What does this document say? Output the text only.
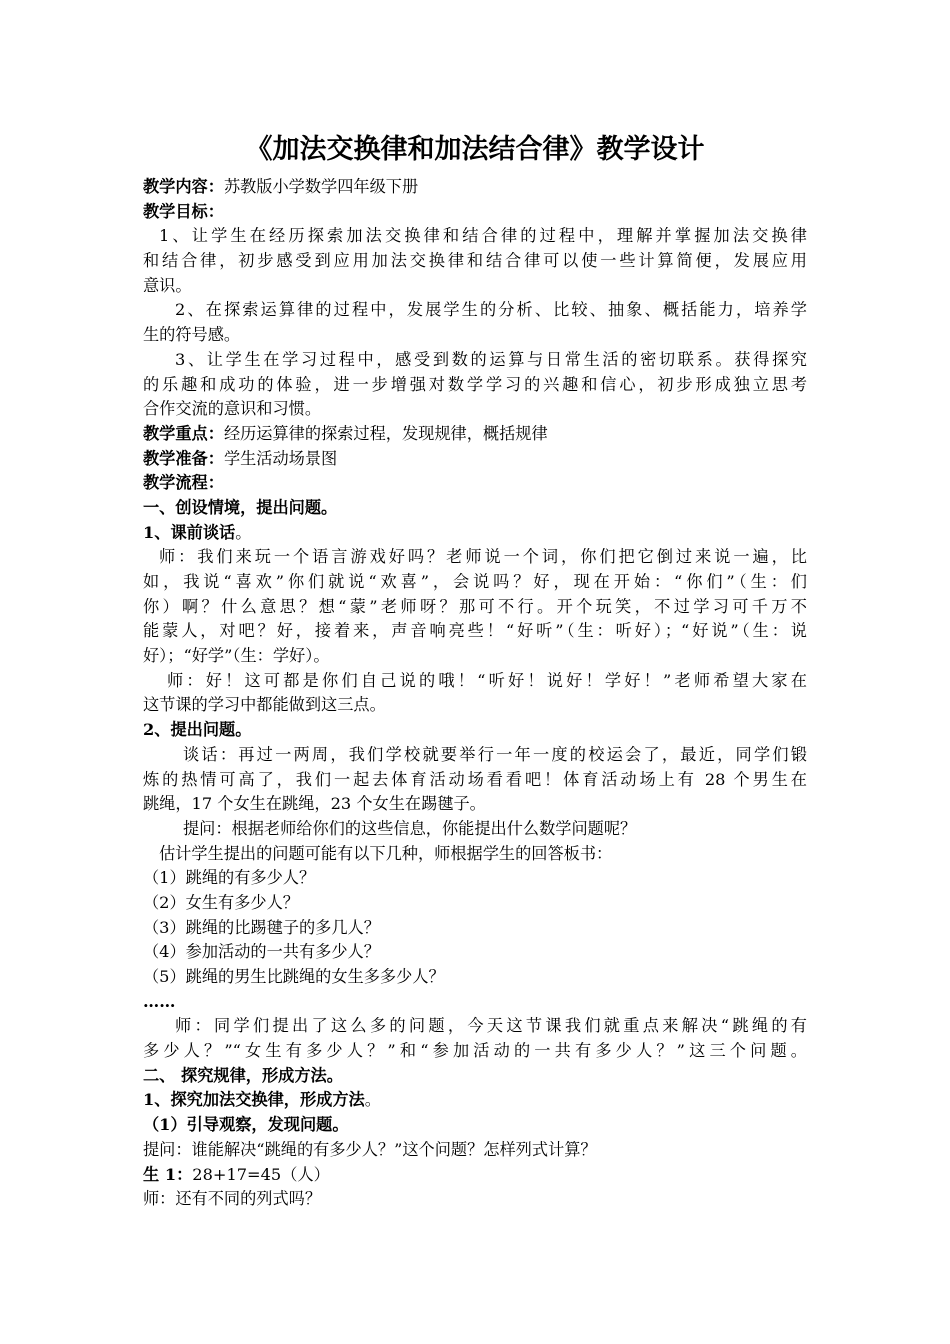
《加法交换律和加法结合律》教学设计
教学内容：苏教版小学数学四年级下册
教学目标：
1、让学生在经历探索加法交换律和结合律的过程中，理解并掌握加法交换律
和结合律，初步感受到应用加法交换律和结合律可以使一些计算简便，发展应用
意识。
2、在探索运算律的过程中，发展学生的分析、比较、抽象、概括能力，培养学
生的符号感。
3、让学生在学习过程中，感受到数的运算与日常生活的密切联系。获得探究
的乐趣和成功的体验，进一步增强对数学学习的兴趣和信心，初步形成独立思考
合作交流的意识和习惯。
教学重点：经历运算律的探索过程，发现规律，概括规律
教学准备：学生活动场景图
教学流程：
一、创设情境，提出问题。
1、课前谈话。
师：我们来玩一个语言游戏好吗？老师说一个词，你们把它倒过来说一遍，比
如，我说“喜欢”你们就说“欢喜”，会说吗？好，现在开始：“你们”（生：们
你）啊？什么意思？想“蒙”老师呀？那可不行。开个玩笑，不过学习可千万不
能蒙人，对吧？好，接着来，声音响亮些！“好听”（生：听好）；“好说”（生：说
好）；“好学”（生：学好）。
师：好！这可都是你们自己说的哦！“听好！说好！学好！”老师希望大家在
这节课的学习中都能做到这三点。
2、提出问题。
谈话：再过一两周，我们学校就要举行一年一度的校运会了，最近，同学们锻
炼的热情可高了，我们一起去体育活动场看看吧！体育活动场上有 28 个男生在
跳绳，17 个女生在跳绳，23 个女生在踢毽子。
提问：根据老师给你们的这些信息，你能提出什么数学问题呢？
估计学生提出的问题可能有以下几种，师根据学生的回答板书：
（1）跳绳的有多少人？
（2）女生有多少人？
（3）跳绳的比踢毽子的多几人？
（4）参加活动的一共有多少人？
（5）跳绳的男生比跳绳的女生多多少人？
……
师：同学们提出了这么多的问题，今天这节课我们就重点来解决“跳绳的有
多少人？”“女生有多少人？”和“参加活动的一共有多少人？”这三个问题。
二、 探究规律，形成方法。
1、探究加法交换律，形成方法。
（1）引导观察，发现问题。
提问：谁能解决“跳绳的有多少人？”这个问题？怎样列式计算？
生 1：28+17=45（人）
师：还有不同的列式吗？
